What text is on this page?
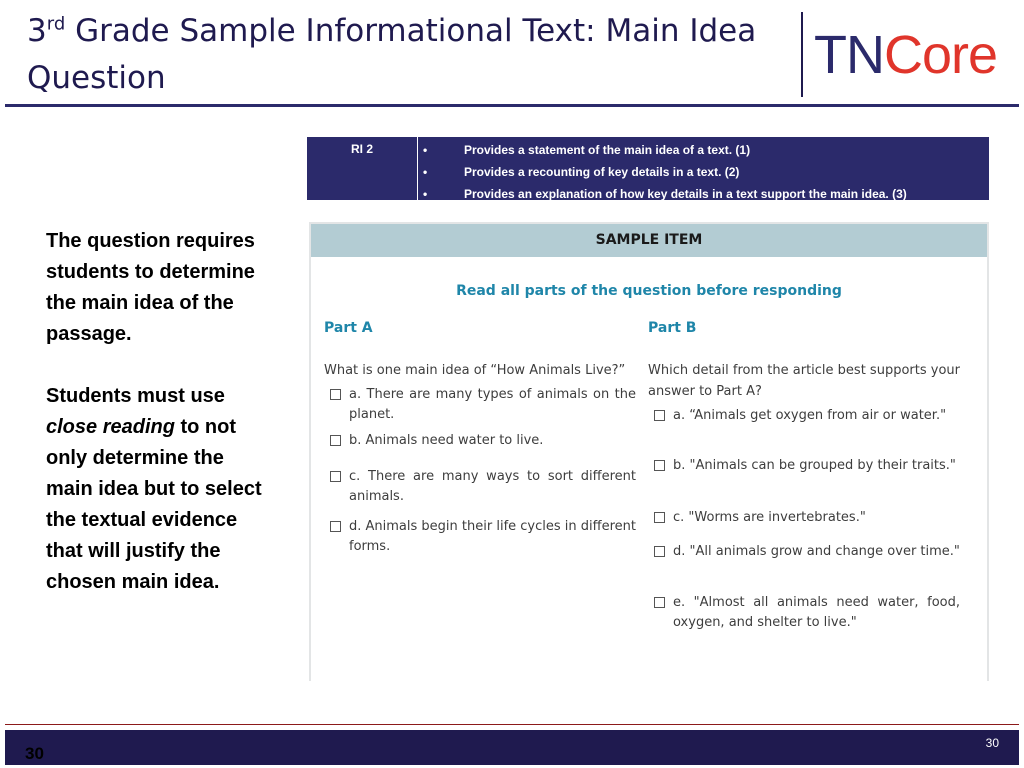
3rd Grade Sample Informational Text: Main Idea Question	TNCore
RI 2	•	Provides a statement of the main idea of a text. (1)
•	Provides a recounting of key details in a text. (2)
•	Provides an explanation of how key details in a text support the main idea. (3)

The question requires students to determine the main idea of the passage.

Students must use close reading to not only determine the main idea but to select the textual evidence that will justify the chosen main idea.

SAMPLE ITEM
Read all parts of the question before responding
Part A
What is one main idea of “How Animals Live?”
a. There are many types of animals on the planet.
b. Animals need water to live.
c. There are many ways to sort different animals.
d. Animals begin their life cycles in different forms.
Part B
Which detail from the article best supports your answer to Part A?
a. “Animals get oxygen from air or water."
b. "Animals can be grouped by their traits."
c. "Worms are invertebrates."
d. "All animals grow and change over time."
e. "Almost all animals need water, food, oxygen, and shelter to live."
30
30
